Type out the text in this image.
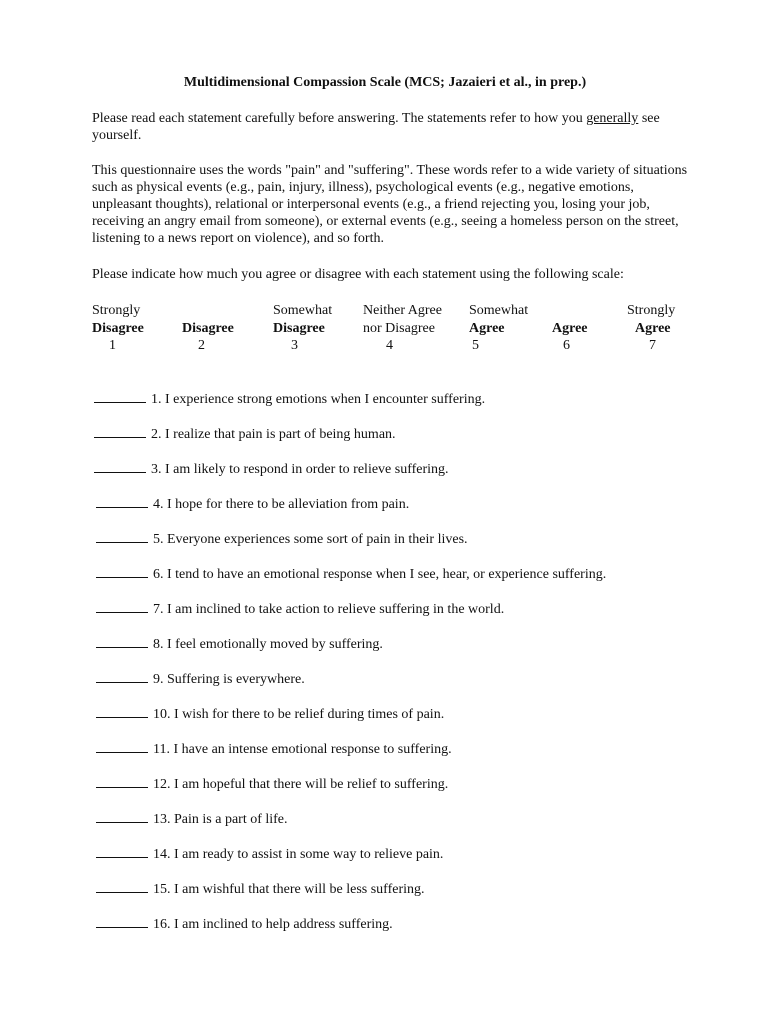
Multidimensional Compassion Scale (MCS; Jazaieri et al., in prep.)

Please read each statement carefully before answering. The statements refer to how you generally see yourself.

This questionnaire uses the words "pain" and "suffering". These words refer to a wide variety of situations such as physical events (e.g., pain, injury, illness), psychological events (e.g., negative emotions, unpleasant thoughts), relational or interpersonal events (e.g., a friend rejecting you, losing your job, receiving an angry email from someone), or external events (e.g., seeing a homeless person on the street, listening to a news report on violence), and so forth.

Please indicate how much you agree or disagree with each statement using the following scale:

Strongly
Disagree
1

Disagree
2
Somewhat
Disagree
3
Neither Agree
nor Disagree
4
Somewhat
Agree
5

Agree
6
Strongly
Agree
7
1. I experience strong emotions when I encounter suffering.
2. I realize that pain is part of being human.
3. I am likely to respond in order to relieve suffering.
4. I hope for there to be alleviation from pain.
5. Everyone experiences some sort of pain in their lives.
6. I tend to have an emotional response when I see, hear, or experience suffering.
7. I am inclined to take action to relieve suffering in the world.
8. I feel emotionally moved by suffering.
9. Suffering is everywhere.
10. I wish for there to be relief during times of pain.
11. I have an intense emotional response to suffering.
12. I am hopeful that there will be relief to suffering.
13. Pain is a part of life.
14. I am ready to assist in some way to relieve pain.
15. I am wishful that there will be less suffering.
16. I am inclined to help address suffering.
